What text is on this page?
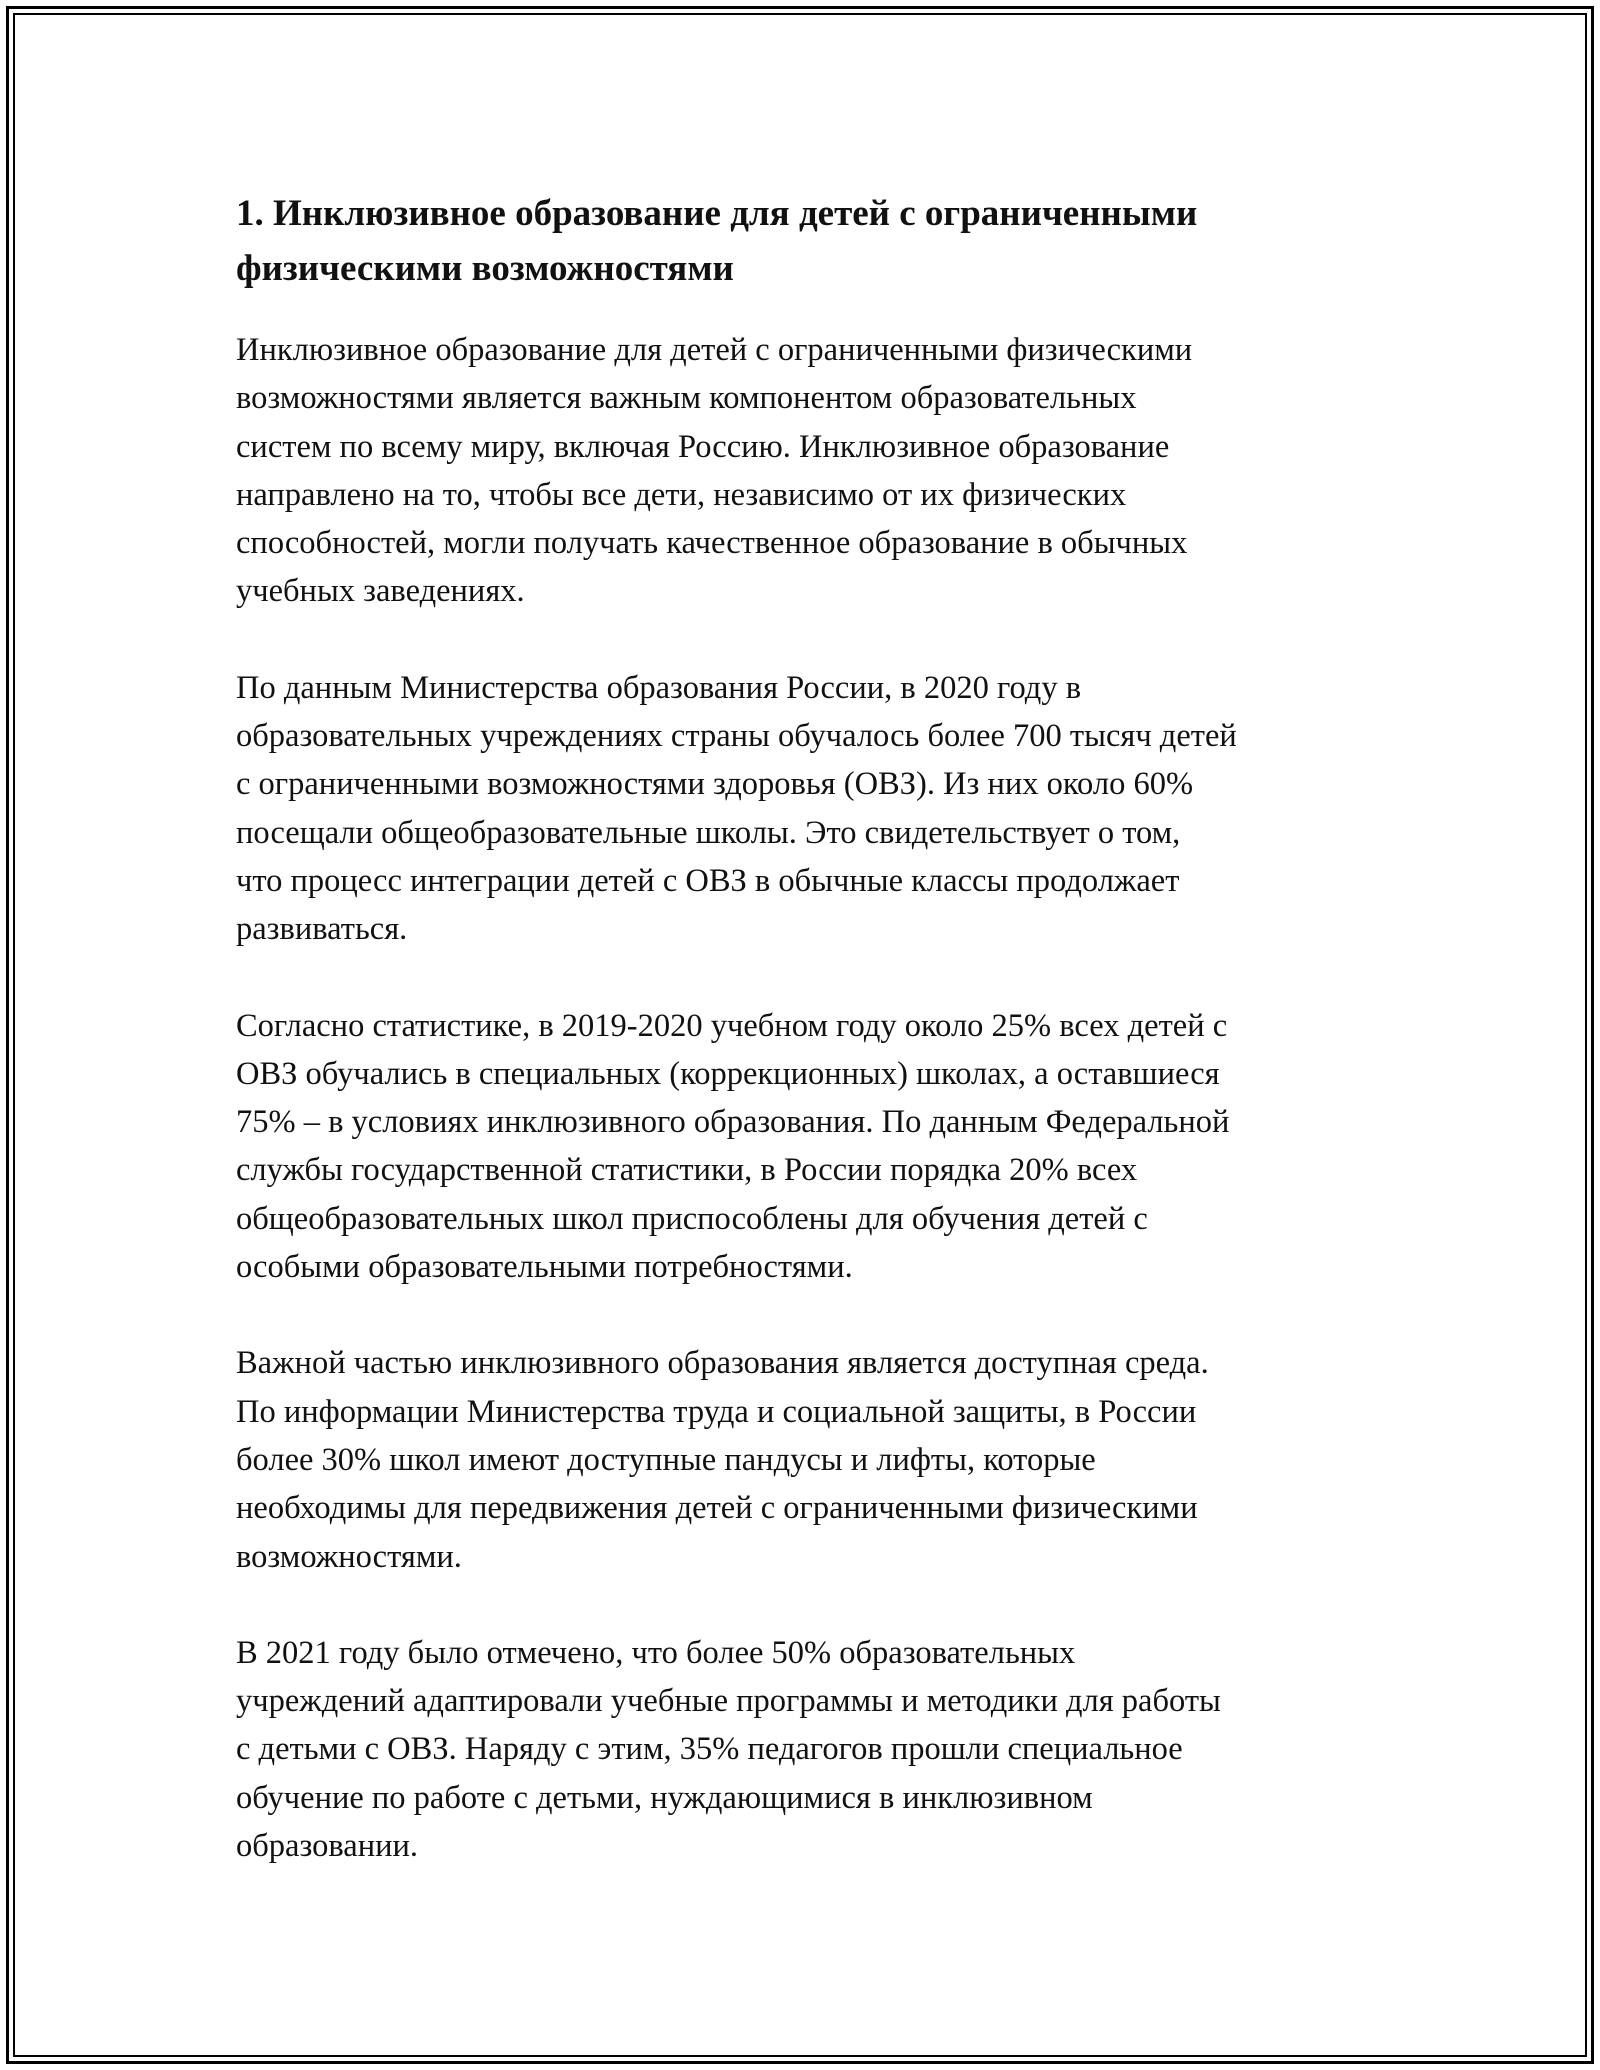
1. Инклюзивное образование для детей с ограниченными
физическими возможностями

Инклюзивное образование для детей с ограниченными физическими
возможностями является важным компонентом образовательных
систем по всему миру, включая Россию. Инклюзивное образование
направлено на то, чтобы все дети, независимо от их физических
способностей, могли получать качественное образование в обычных
учебных заведениях.

По данным Министерства образования России, в 2020 году в
образовательных учреждениях страны обучалось более 700 тысяч детей
с ограниченными возможностями здоровья (ОВЗ). Из них около 60%
посещали общеобразовательные школы. Это свидетельствует о том,
что процесс интеграции детей с ОВЗ в обычные классы продолжает
развиваться.

Согласно статистике, в 2019-2020 учебном году около 25% всех детей с
ОВЗ обучались в специальных (коррекционных) школах, а оставшиеся
75% – в условиях инклюзивного образования. По данным Федеральной
службы государственной статистики, в России порядка 20% всех
общеобразовательных школ приспособлены для обучения детей с
особыми образовательными потребностями.

Важной частью инклюзивного образования является доступная среда.
По информации Министерства труда и социальной защиты, в России
более 30% школ имеют доступные пандусы и лифты, которые
необходимы для передвижения детей с ограниченными физическими
возможностями.

В 2021 году было отмечено, что более 50% образовательных
учреждений адаптировали учебные программы и методики для работы
с детьми с ОВЗ. Наряду с этим, 35% педагогов прошли специальное
обучение по работе с детьми, нуждающимися в инклюзивном
образовании.
